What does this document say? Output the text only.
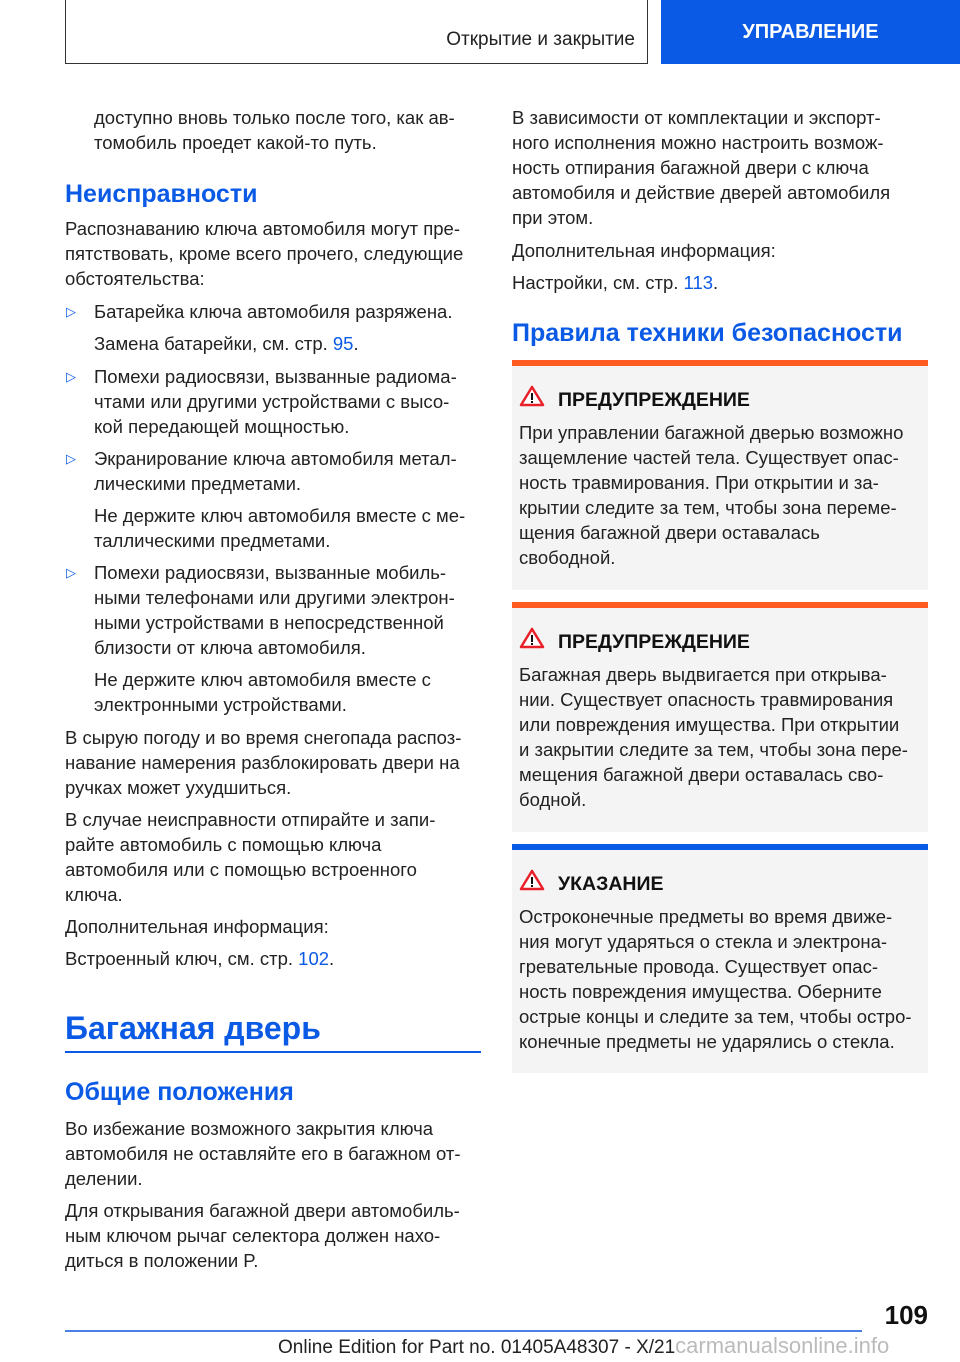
Открытие и закрытие	УПРАВЛЕНИЕ
доступно вновь только после того, как ав-
томобиль проедет какой-то путь.
Неисправности
Распознаванию ключа автомобиля могут пре-
пятствовать, кроме всего прочего, следующие
обстоятельства:
▷ Батарейка ключа автомобиля разряжена.
Замена батарейки, см. стр. 95.
▷ Помехи радиосвязи, вызванные радиома-
чтами или другими устройствами с высо-
кой передающей мощностью.
▷ Экранирование ключа автомобиля метал-
лическими предметами.
Не держите ключ автомобиля вместе с ме-
таллическими предметами.
▷ Помехи радиосвязи, вызванные мобиль-
ными телефонами или другими электрон-
ными устройствами в непосредственной
близости от ключа автомобиля.
Не держите ключ автомобиля вместе с
электронными устройствами.
В сырую погоду и во время снегопада распоз-
навание намерения разблокировать двери на
ручках может ухудшиться.
В случае неисправности отпирайте и запи-
райте автомобиль с помощью ключа
автомобиля или с помощью встроенного
ключа.
Дополнительная информация:
Встроенный ключ, см. стр. 102.
Багажная дверь
Общие положения
Во избежание возможного закрытия ключа
автомобиля не оставляйте его в багажном от-
делении.
Для открывания багажной двери автомобиль-
ным ключом рычаг селектора должен нахо-
диться в положении P.
В зависимости от комплектации и экспорт-
ного исполнения можно настроить возмож-
ность отпирания багажной двери с ключа
автомобиля и действие дверей автомобиля
при этом.
Дополнительная информация:
Настройки, см. стр. 113.
Правила техники безопасности
ПРЕДУПРЕЖДЕНИЕ
При управлении багажной дверью возможно
защемление частей тела. Существует опас-
ность травмирования. При открытии и за-
крытии следите за тем, чтобы зона переме-
щения багажной двери оставалась
свободной.
ПРЕДУПРЕЖДЕНИЕ
Багажная дверь выдвигается при открыва-
нии. Существует опасность травмирования
или повреждения имущества. При открытии
и закрытии следите за тем, чтобы зона пере-
мещения багажной двери оставалась сво-
бодной.
УКАЗАНИЕ
Остроконечные предметы во время движе-
ния могут ударяться о стекла и электрона-
гревательные провода. Существует опас-
ность повреждения имущества. Оберните
острые концы и следите за тем, чтобы остро-
конечные предметы не ударялись о стекла.
109
Online Edition for Part no. 01405A48307 - X/21carmanualsonline.info
